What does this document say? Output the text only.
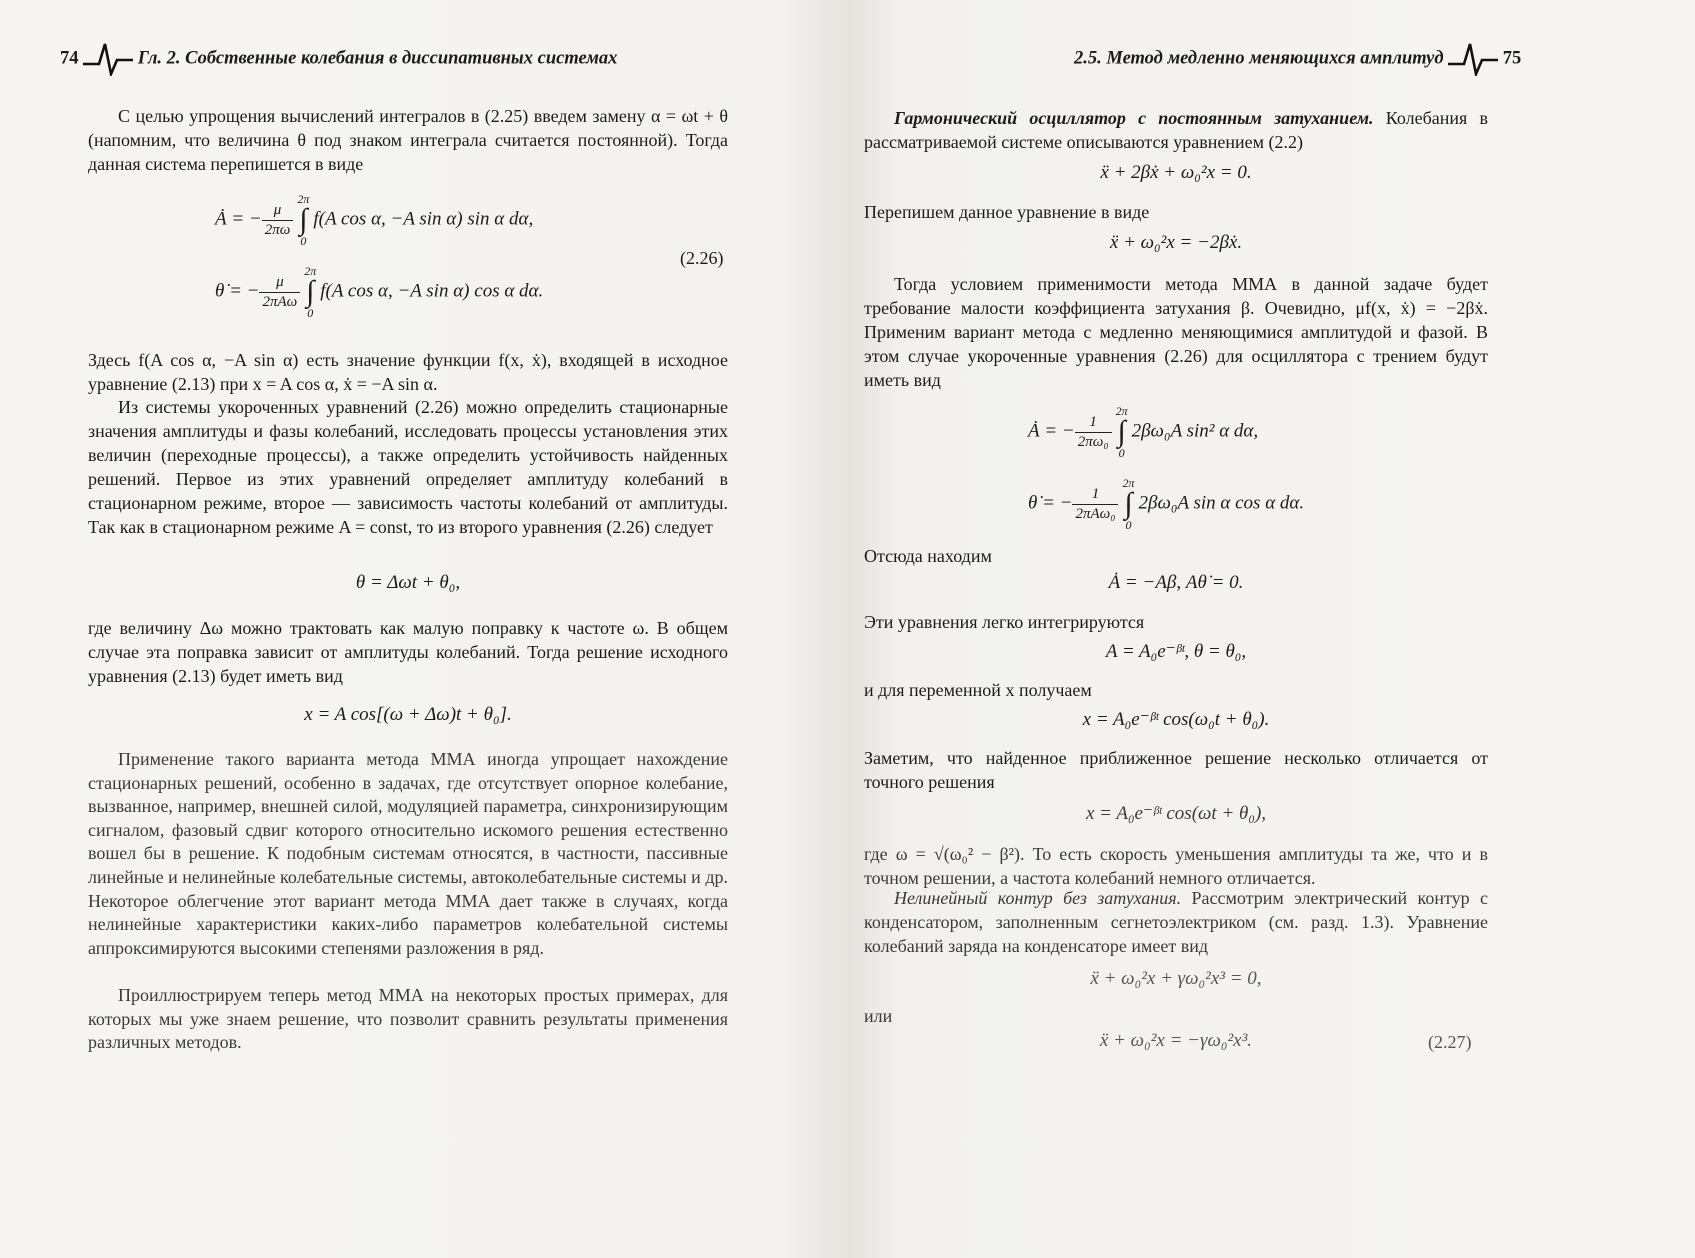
74	Гл. 2. Собственные колебания в диссипативных системах

С целью упрощения вычислений интегралов в (2.25) введем замену α = ωt + θ (напомним, что величина θ под знаком интеграла считается постоянной). Тогда данная система перепишется в виде

Ȧ = − $\frac{\mu}{2\pi\omega}$
2π
∫
0f(A cos α, −A sin α) sin α dα,
(2.26)
θ̇ = − $\frac{\mu}{\text{2πAω}}$
2π
∫
0f(A cos α, −A sin α) cos α dα.

Здесь f(A cos α, −A sin α) есть значение функции f(x, ẋ), входящей в исходное уравнение (2.13) при x = A cos α, ẋ = −A sin α.

Из системы укороченных уравнений (2.26) можно определить стационарные значения амплитуды и фазы колебаний, исследовать процессы установления этих величин (переходные процессы), а также определить устойчивость найденных решений. Первое из этих уравнений определяет амплитуду колебаний в стационарном режиме, второе — зависимость частоты колебаний от амплитуды. Так как в стационарном режиме A = const, то из второго уравнения (2.26) следует

θ = Δωt + θ₀,

где величину Δω можно трактовать как малую поправку к частоте ω. В общем случае эта поправка зависит от амплитуды колебаний. Тогда решение исходного уравнения (2.13) будет иметь вид

x = A cos[(ω + Δω)t + θ₀].

Применение такого варианта метода ММА иногда упрощает нахождение стационарных решений, особенно в задачах, где отсутствует опорное колебание, вызванное, например, внешней силой, модуляцией параметра, синхронизирующим сигналом, фазовый сдвиг которого относительно искомого решения естественно вошел бы в решение. К подобным системам относятся, в частности, пассивные линейные и нелинейные колебательные системы, автоколебательные системы и др. Некоторое облегчение этот вариант метода ММА дает также в случаях, когда нелинейные характеристики каких-либо параметров колебательной системы аппроксимируются высокими степенями разложения в ряд.

Проиллюстрируем теперь метод ММА на некоторых простых примерах, для которых мы уже знаем решение, что позволит сравнить результаты применения различных методов.

2.5. Метод медленно меняющихся амплитуд	75

Гармонический осциллятор с постоянным затуханием. Колебания в рассматриваемой системе описываются уравнением (2.2)

ẍ + 2βẋ + ω₀²x = 0.

Перепишем данное уравнение в виде

ẍ + ω₀²x = −2βẋ.

Тогда условием применимости метода ММА в данной задаче будет требование малости коэффициента затухания β. Очевидно, μf(x, ẋ) = −2βẋ. Применим вариант метода с медленно меняющимися амплитудой и фазой. В этом случае укороченные уравнения (2.26) для осциллятора с трением будут иметь вид

Ȧ = − $\frac{1}{\text{2πω₀}}$
2π
∫
02βω₀A sin² α dα,
θ̇ = − $\frac{1}{\text{2πAω₀}}$
2π
∫
02βω₀A sin α cos α dα.

Отсюда находим

Ȧ = −Aβ, Aθ̇ = 0.

Эти уравнения легко интегрируются

A = A₀e⁻ᵝᵗ, θ = θ₀,

и для переменной x получаем

x = A₀e⁻ᵝᵗ cos(ω₀t + θ₀).

Заметим, что найденное приближенное решение несколько отличается от точного решения

x = A₀e⁻ᵝᵗ cos(ωt + θ₀),

где ω = √(ω₀² − β²). То есть скорость уменьшения амплитуды та же, что и в точном решении, а частота колебаний немного отличается.

Нелинейный контур без затухания. Рассмотрим электрический контур с конденсатором, заполненным сегнетоэлектриком (см. разд. 1.3). Уравнение колебаний заряда на конденсаторе имеет вид

ẍ + ω₀²x + γω₀²x³ = 0,

или

ẍ + ω₀²x = −γω₀²x³.	(2.27)
